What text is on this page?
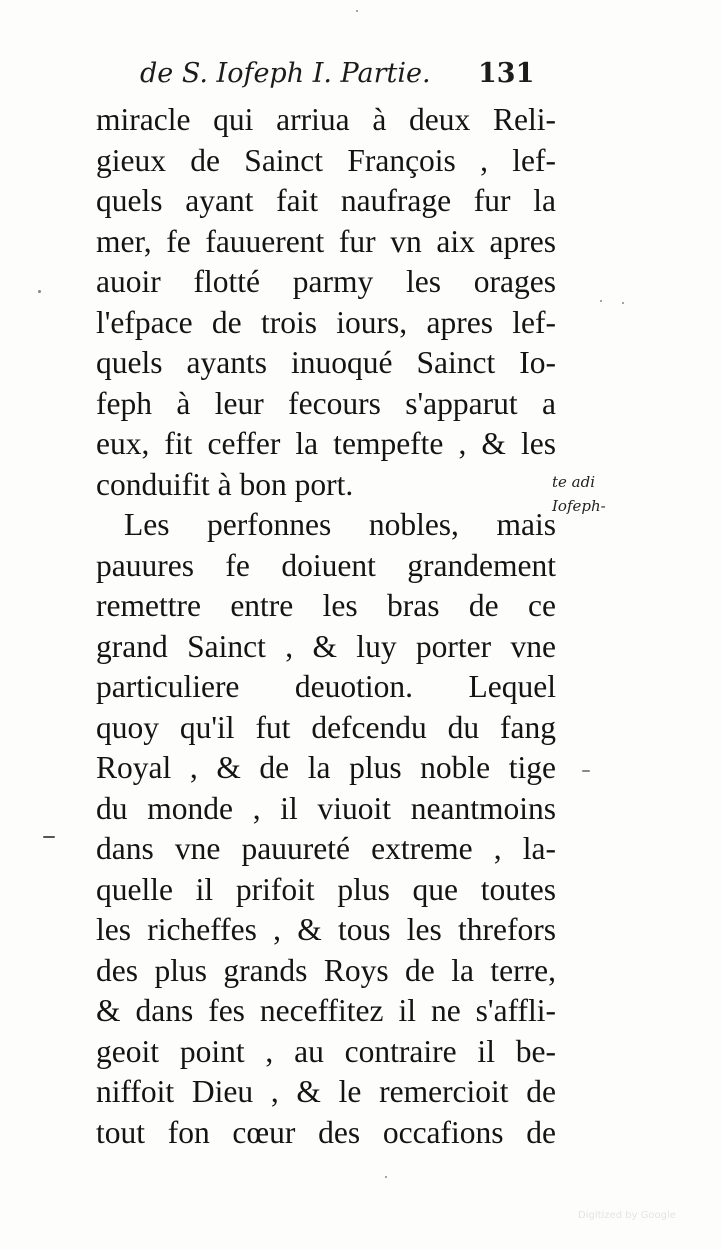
de S. Iofeph I. Partie. 131
miracle qui arriua à deux Reli-
gieux de Sainct François , lef-
quels ayant fait naufrage fur la
mer, fe fauuerent fur vn aix apres
auoir flotté parmy les orages
l'efpace de trois iours, apres lef-
quels ayants inuoqué Sainct Io-
feph à leur fecours s'apparut a
eux, fit ceffer la tempefte , & les
conduifit à bon port.
Les perfonnes nobles, mais
pauures fe doiuent grandement
remettre entre les bras de ce
grand Sainct , & luy porter vne
particuliere deuotion. Lequel
quoy qu'il fut defcendu du fang
Royal , & de la plus noble tige
du monde , il viuoit neantmoins
dans vne pauureté extreme , la-
quelle il prifoit plus que toutes
les richeffes , & tous les threfors
des plus grands Roys de la terre,
& dans fes neceffitez il ne s'affli-
geoit point , au contraire il be-
niffoit Dieu , & le remercioit de
tout fon cœur des occafions de
te adi
Iofeph-
Digitized by Google
